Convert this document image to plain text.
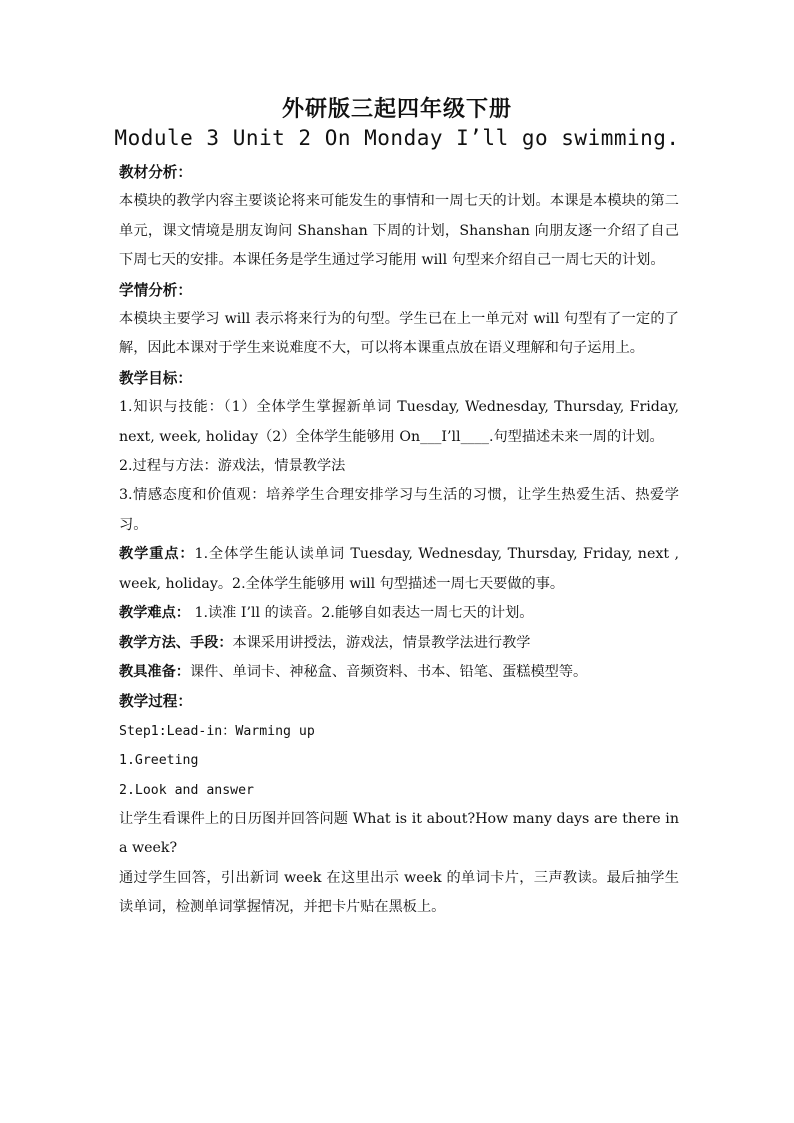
外研版三起四年级下册
Module 3 Unit 2 On Monday I’ll go swimming.

教材分析：

本模块的教学内容主要谈论将来可能发生的事情和一周七天的计划。本课是本模块的第二单元，课文情境是朋友询问 Shanshan 下周的计划，Shanshan 向朋友逐一介绍了自己下周七天的安排。本课任务是学生通过学习能用 will 句型来介绍自己一周七天的计划。

学情分析：

本模块主要学习 will 表示将来行为的句型。学生已在上一单元对 will 句型有了一定的了解，因此本课对于学生来说难度不大，可以将本课重点放在语义理解和句子运用上。

教学目标：

1.知识与技能：（1）全体学生掌握新单词 Tuesday, Wednesday, Thursday, Friday, next, week, holiday（2）全体学生能够用 On___I’ll____.句型描述未来一周的计划。

2.过程与方法：游戏法，情景教学法

3.情感态度和价值观：培养学生合理安排学习与生活的习惯，让学生热爱生活、热爱学习。

教学重点：1.全体学生能认读单词 Tuesday, Wednesday, Thursday, Friday, next , week, holiday。2.全体学生能够用 will 句型描述一周七天要做的事。

教学难点： 1.读准 I’ll 的读音。2.能够自如表达一周七天的计划。

教学方法、手段：本课采用讲授法，游戏法，情景教学法进行教学

教具准备：课件、单词卡、神秘盒、音频资料、书本、铅笔、蛋糕模型等。

教学过程：

Step1:Lead-in：Warming up

1.Greeting

2.Look and answer

让学生看课件上的日历图并回答问题 What is it about?How many days are there in a week?

通过学生回答，引出新词 week 在这里出示 week 的单词卡片，三声教读。最后抽学生读单词，检测单词掌握情况，并把卡片贴在黑板上。
